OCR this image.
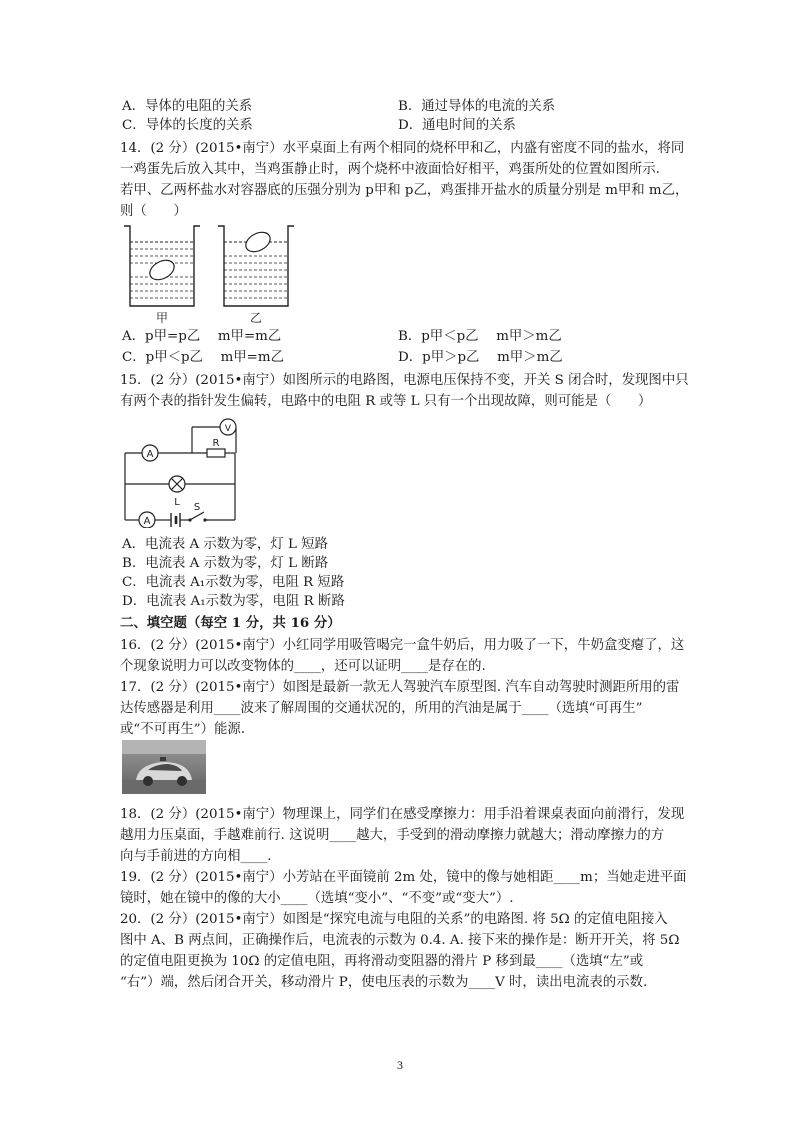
A．导体的电阻的关系	B．通过导体的电流的关系
C．导体的长度的关系	D．通电时间的关系
14．(2 分）(2015•南宁）水平桌面上有两个相同的烧杯甲和乙，内盛有密度不同的盐水，将同
一鸡蛋先后放入其中，当鸡蛋静止时，两个烧杯中液面恰好相平，鸡蛋所处的位置如图所示.
若甲、乙两杯盐水对容器底的压强分别为 p甲和 p乙，鸡蛋排开盐水的质量分别是 m甲和 m乙，
则（　　）
甲	乙
A．p甲=p乙　 m甲=m乙	B．p甲＜p乙　 m甲＞m乙
C．p甲＜p乙　 m甲=m乙	D．p甲＞p乙　 m甲＞m乙
15．(2 分）(2015•南宁）如图所示的电路图，电源电压保持不变，开关 S 闭合时，发现图中只
有两个表的指针发生偏转，电路中的电阻 R 或等 L 只有一个出现故障，则可能是（　　）
A
R
V
L
A
S
A．电流表 A 示数为零，灯 L 短路
B．电流表 A 示数为零，灯 L 断路
C．电流表 A₁示数为零，电阻 R 短路
D．电流表 A₁示数为零，电阻 R 断路
二、填空题（每空 1 分，共 16 分）
16．(2 分）(2015•南宁）小红同学用吸管喝完一盒牛奶后，用力吸了一下，牛奶盒变瘪了，这
个现象说明力可以改变物体的____，还可以证明____是存在的.
17．(2 分）(2015•南宁）如图是最新一款无人驾驶汽车原型图. 汽车自动驾驶时测距所用的雷
达传感器是利用____波来了解周围的交通状况的，所用的汽油是属于____（选填“可再生”
或“不可再生”）能源.
18．(2 分）(2015•南宁）物理课上，同学们在感受摩擦力：用手沿着课桌表面向前滑行，发现
越用力压桌面，手越难前行. 这说明____越大，手受到的滑动摩擦力就越大；滑动摩擦力的方
向与手前进的方向相____.
19．(2 分）(2015•南宁）小芳站在平面镜前 2m 处，镜中的像与她相距____m；当她走进平面
镜时，她在镜中的像的大小____（选填“变小”、“不变”或“变大”）.
20．(2 分）(2015•南宁）如图是“探究电流与电阻的关系”的电路图. 将 5Ω 的定值电阻接入
图中 A、B 两点间，正确操作后，电流表的示数为 0.4. A. 接下来的操作是：断开开关，将 5Ω
的定值电阻更换为 10Ω 的定值电阻，再将滑动变阻器的滑片 P 移到最____（选填“左”或
“右”）端，然后闭合开关，移动滑片 P，使电压表的示数为____V 时，读出电流表的示数.
3
